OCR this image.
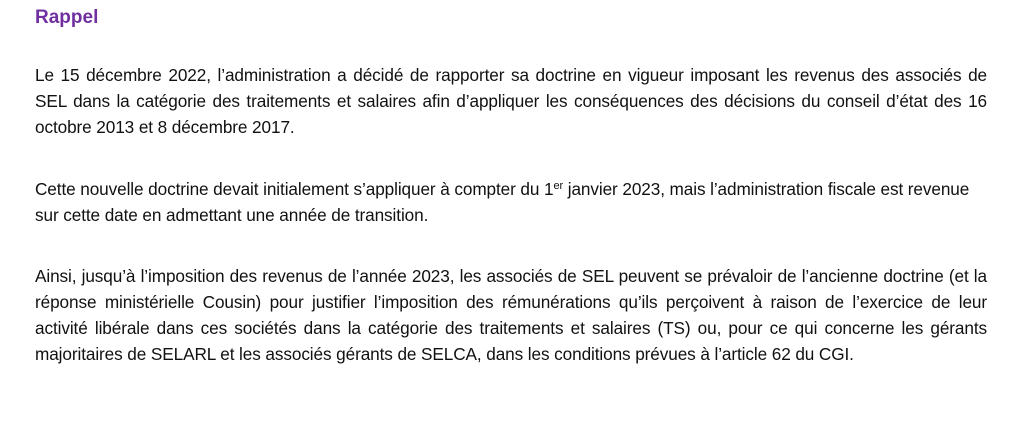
Rappel

Le 15 décembre 2022, l’administration a décidé de rapporter sa doctrine en vigueur imposant les revenus des associés de SEL dans la catégorie des traitements et salaires afin d’appliquer les conséquences des décisions du conseil d’état des 16 octobre 2013 et 8 décembre 2017.

Cette nouvelle doctrine devait initialement s’appliquer à compter du 1er janvier 2023, mais l’administration fiscale est revenue sur cette date en admettant une année de transition.

Ainsi, jusqu’à l’imposition des revenus de l’année 2023, les associés de SEL peuvent se prévaloir de l’ancienne doctrine (et la réponse ministérielle Cousin) pour justifier l’imposition des rémunérations qu’ils perçoivent à raison de l’exercice de leur activité libérale dans ces sociétés dans la catégorie des traitements et salaires (TS) ou, pour ce qui concerne les gérants majoritaires de SELARL et les associés gérants de SELCA, dans les conditions prévues à l’article 62 du CGI.
